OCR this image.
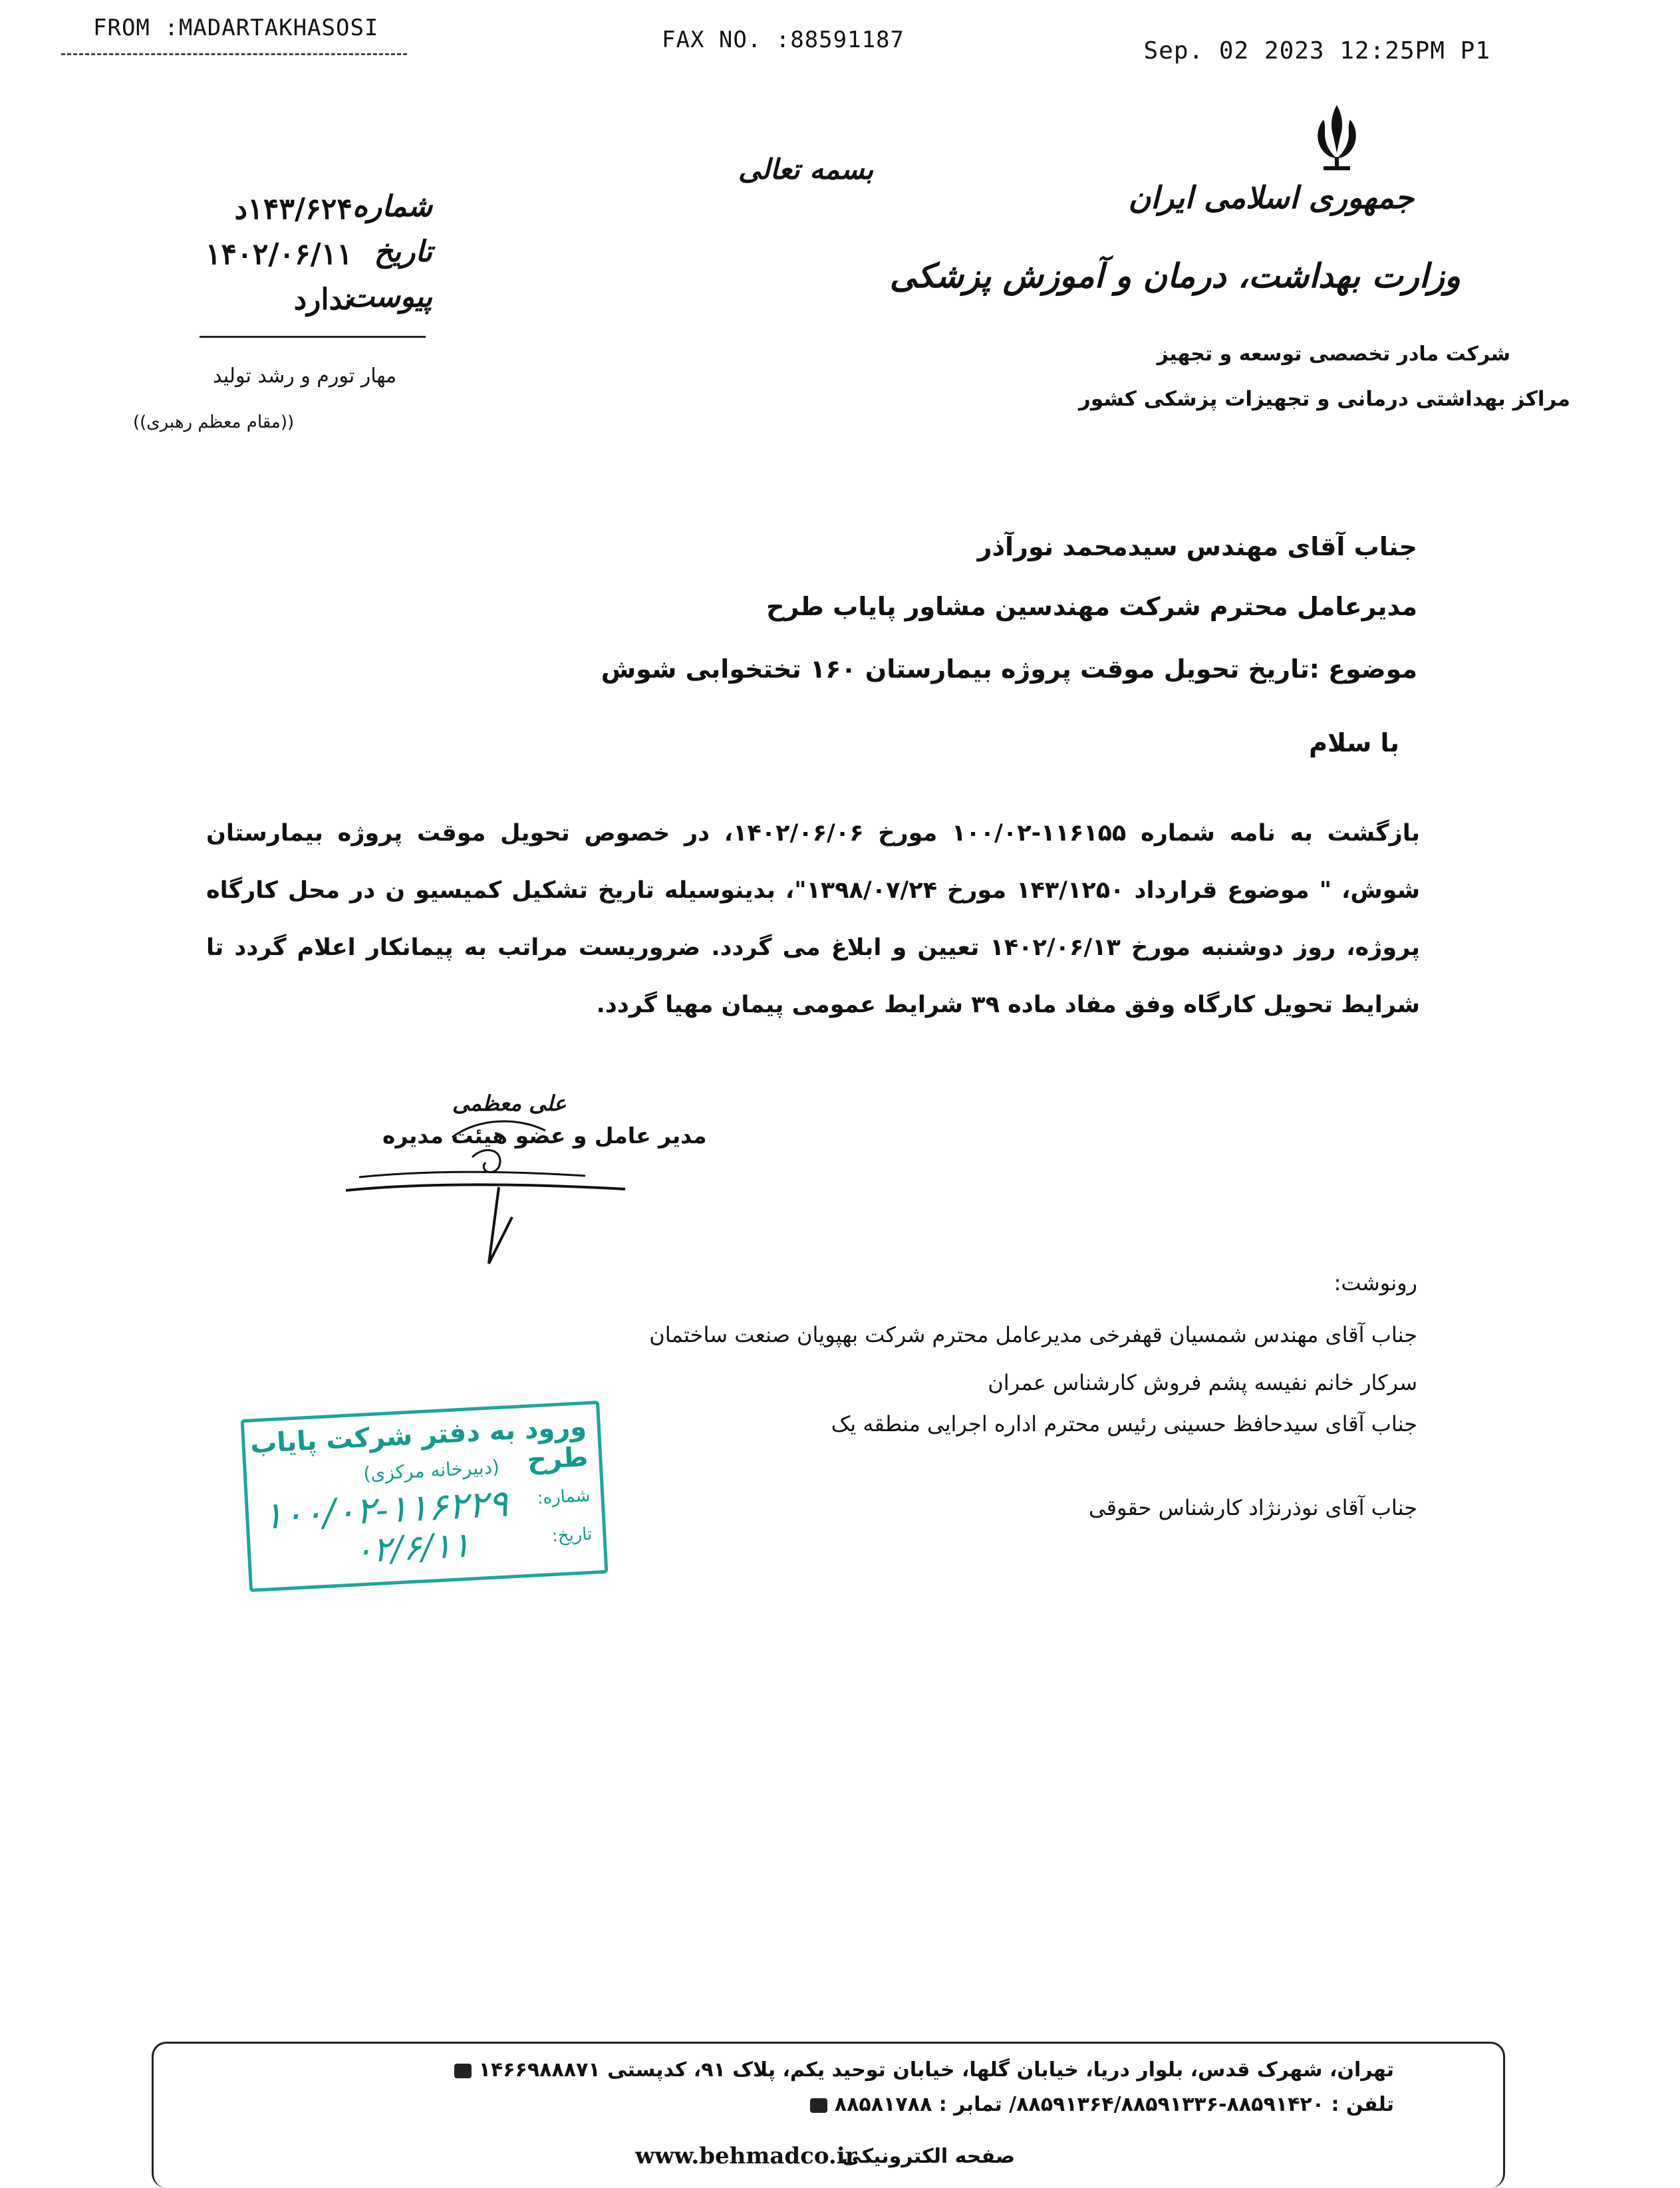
FROM :MADARTAKHASOSI	FAX NO. :88591187	Sep. 02 2023 12:25PM P1
بسمه تعالی
جمهوری اسلامی ایران
وزارت بهداشت، درمان و آموزش پزشکی
شرکت مادر تخصصی توسعه و تجهیز
مراکز بهداشتی درمانی و تجهیزات پزشکی کشور
شماره
۱۴۳/۶۲۴د
تاریخ
۱۴۰۲/۰۶/۱۱
پیوست
ندارد
مهار تورم و رشد تولید
((مقام معظم رهبری))
جناب آقای مهندس سیدمحمد نورآذر
مدیرعامل محترم شرکت مهندسین مشاور پایاب طرح
موضوع :تاریخ تحویل موقت پروژه بیمارستان ۱۶۰ تختخوابی شوش
با سلام
بازگشت به نامه شماره ۱۱۶۱۵۵-۱۰۰/۰۲ مورخ ۱۴۰۲/۰۶/۰۶، در خصوص تحویل موقت پروژه بیمارستان شوش، " موضوع قرارداد ۱۴۳/۱۲۵۰ مورخ ۱۳۹۸/۰۷/۲۴"، بدینوسیله تاریخ تشکیل کمیسیو ن در محل کارگاه پروژه، روز دوشنبه مورخ ۱۴۰۲/۰۶/۱۳ تعیین و ابلاغ می گردد. ضروریست مراتب به پیمانکار اعلام گردد تا شرایط تحویل کارگاه وفق مفاد ماده ۳۹ شرایط عمومی پیمان مهیا گردد.
علی معظمی
مدیر عامل و عضو هیئت مدیره
رونوشت:
جناب آقای مهندس شمسیان قهفرخی مدیرعامل محترم شرکت بهپویان صنعت ساختمان
سرکار خانم نفیسه پشم فروش کارشناس عمران
جناب آقای سیدحافظ حسینی رئیس محترم اداره اجرایی منطقه یک
جناب آقای نوذرنژاد کارشناس حقوقی
ورود به دفتر شرکت پایاب طرح
(دبیرخانه مرکزی)
شماره:
۱۰۰/۰۲-۱۱۶۲۲۹ تاریخ:
۰۲/۶/۱۱
تهران، شهرک قدس، بلوار دریا، خیابان گلها، خیابان توحید یکم، پلاک ۹۱، کدپستی ۱۴۶۶۹۸۸۸۷۱
تلفن : ۸۸۵۹۱۴۲۰-۸۸۵۹۱۳۶۴/۸۸۵۹۱۳۳۶/ تمابر : ۸۸۵۸۱۷۸۸
صفحه الکترونیکی
www.behmadco.ir
